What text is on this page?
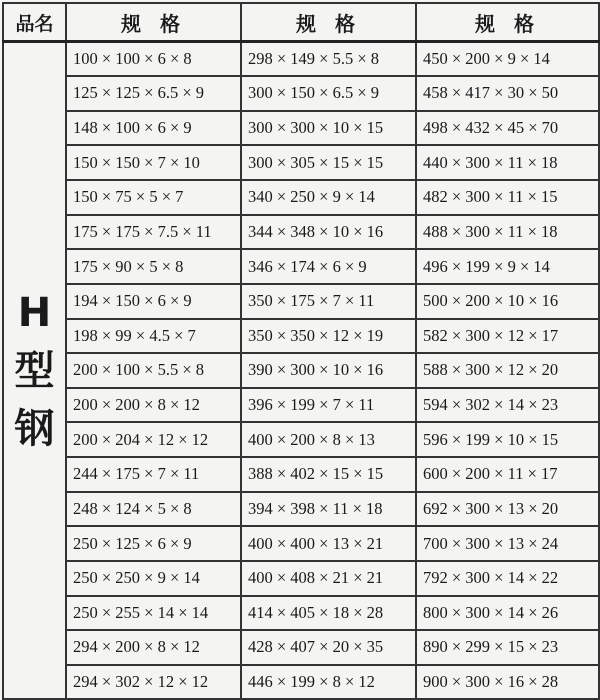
品名	规 格	规 格	规 格

H
型
钢	100 × 100 × 6 × 8	298 × 149 × 5.5 × 8	450 × 200 × 9 × 14
	125 × 125 × 6.5 × 9	300 × 150 × 6.5 × 9	458 × 417 × 30 × 50
	148 × 100 × 6 × 9	300 × 300 × 10 × 15	498 × 432 × 45 × 70
	150 × 150 × 7 × 10	300 × 305 × 15 × 15	440 × 300 × 11 × 18
	150 × 75 × 5 × 7	340 × 250 × 9 × 14	482 × 300 × 11 × 15
	175 × 175 × 7.5 × 11	344 × 348 × 10 × 16	488 × 300 × 11 × 18
	175 × 90 × 5 × 8	346 × 174 × 6 × 9	496 × 199 × 9 × 14
	194 × 150 × 6 × 9	350 × 175 × 7 × 11	500 × 200 × 10 × 16
	198 × 99 × 4.5 × 7	350 × 350 × 12 × 19	582 × 300 × 12 × 17
	200 × 100 × 5.5 × 8	390 × 300 × 10 × 16	588 × 300 × 12 × 20
	200 × 200 × 8 × 12	396 × 199 × 7 × 11	594 × 302 × 14 × 23
	200 × 204 × 12 × 12	400 × 200 × 8 × 13	596 × 199 × 10 × 15
	244 × 175 × 7 × 11	388 × 402 × 15 × 15	600 × 200 × 11 × 17
	248 × 124 × 5 × 8	394 × 398 × 11 × 18	692 × 300 × 13 × 20
	250 × 125 × 6 × 9	400 × 400 × 13 × 21	700 × 300 × 13 × 24
	250 × 250 × 9 × 14	400 × 408 × 21 × 21	792 × 300 × 14 × 22
	250 × 255 × 14 × 14	414 × 405 × 18 × 28	800 × 300 × 14 × 26
	294 × 200 × 8 × 12	428 × 407 × 20 × 35	890 × 299 × 15 × 23
	294 × 302 × 12 × 12	446 × 199 × 8 × 12	900 × 300 × 16 × 28
